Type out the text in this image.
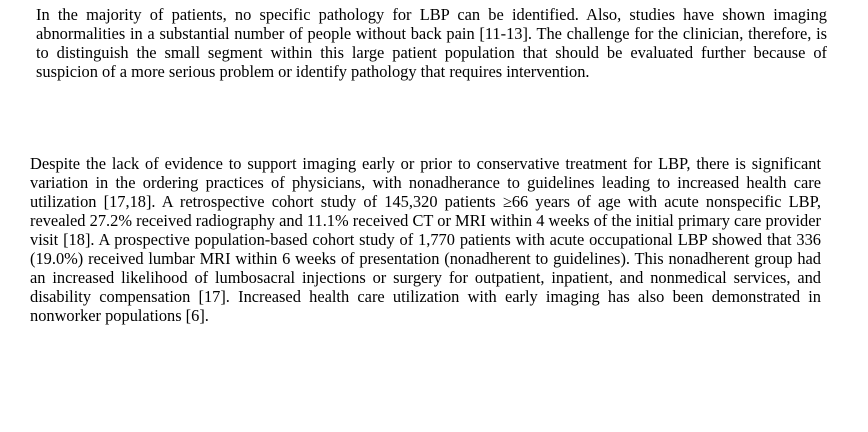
In the majority of patients, no specific pathology for LBP can be identified. Also, studies have shown imaging abnormalities in a substantial number of people without back pain [11-13]. The challenge for the clinician, therefore, is to distinguish the small segment within this large patient population that should be evaluated further because of suspicion of a more serious problem or identify pathology that requires intervention.

Despite the lack of evidence to support imaging early or prior to conservative treatment for LBP, there is significant variation in the ordering practices of physicians, with nonadherance to guidelines leading to increased health care utilization [17,18]. A retrospective cohort study of 145,320 patients ≥66 years of age with acute nonspecific LBP, revealed 27.2% received radiography and 11.1% received CT or MRI within 4 weeks of the initial primary care provider visit [18]. A prospective population-based cohort study of 1,770 patients with acute occupational LBP showed that 336 (19.0%) received lumbar MRI within 6 weeks of presentation (nonadherent to guidelines). This nonadherent group had an increased likelihood of lumbosacral injections or surgery for outpatient, inpatient, and nonmedical services, and disability compensation [17]. Increased health care utilization with early imaging has also been demonstrated in nonworker populations [6].
